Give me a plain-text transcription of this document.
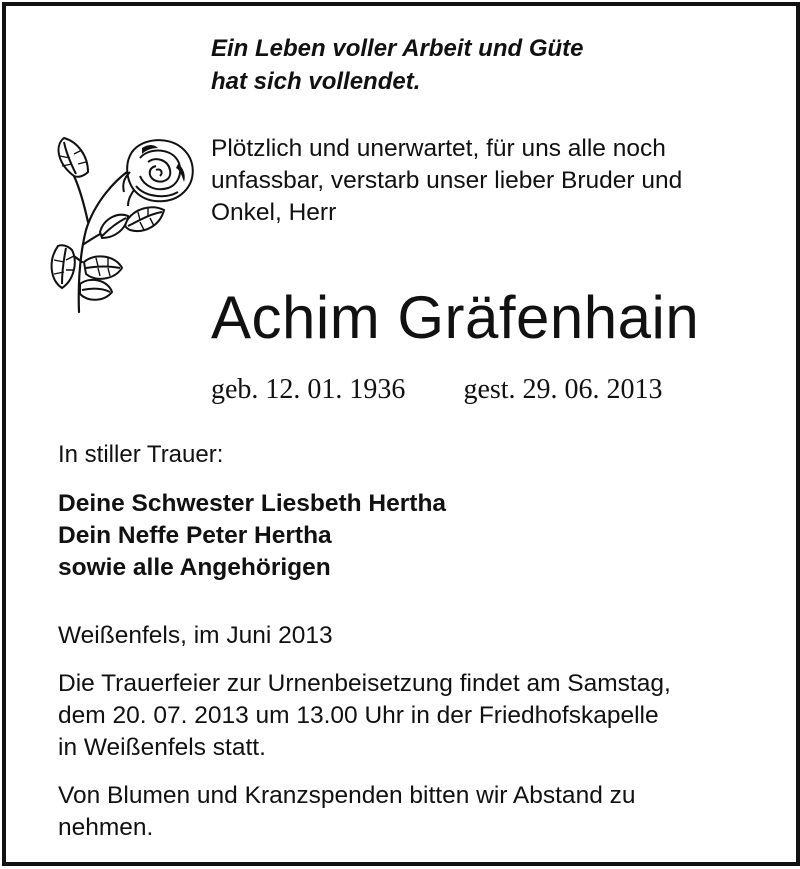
Ein Leben voller Arbeit und Güte
hat sich vollendet.

Plötzlich und unerwartet, für uns alle noch
unfassbar, verstarb unser lieber Bruder und
Onkel, Herr

Achim Gräfenhain
geb. 12. 01. 1936 gest. 29. 06. 2013

In stiller Trauer:

Deine Schwester Liesbeth Hertha
Dein Neffe Peter Hertha
sowie alle Angehörigen

Weißenfels, im Juni 2013

Die Trauerfeier zur Urnenbeisetzung findet am Samstag,
dem 20. 07. 2013 um 13.00 Uhr in der Friedhofskapelle
in Weißenfels statt.

Von Blumen und Kranzspenden bitten wir Abstand zu
nehmen.
